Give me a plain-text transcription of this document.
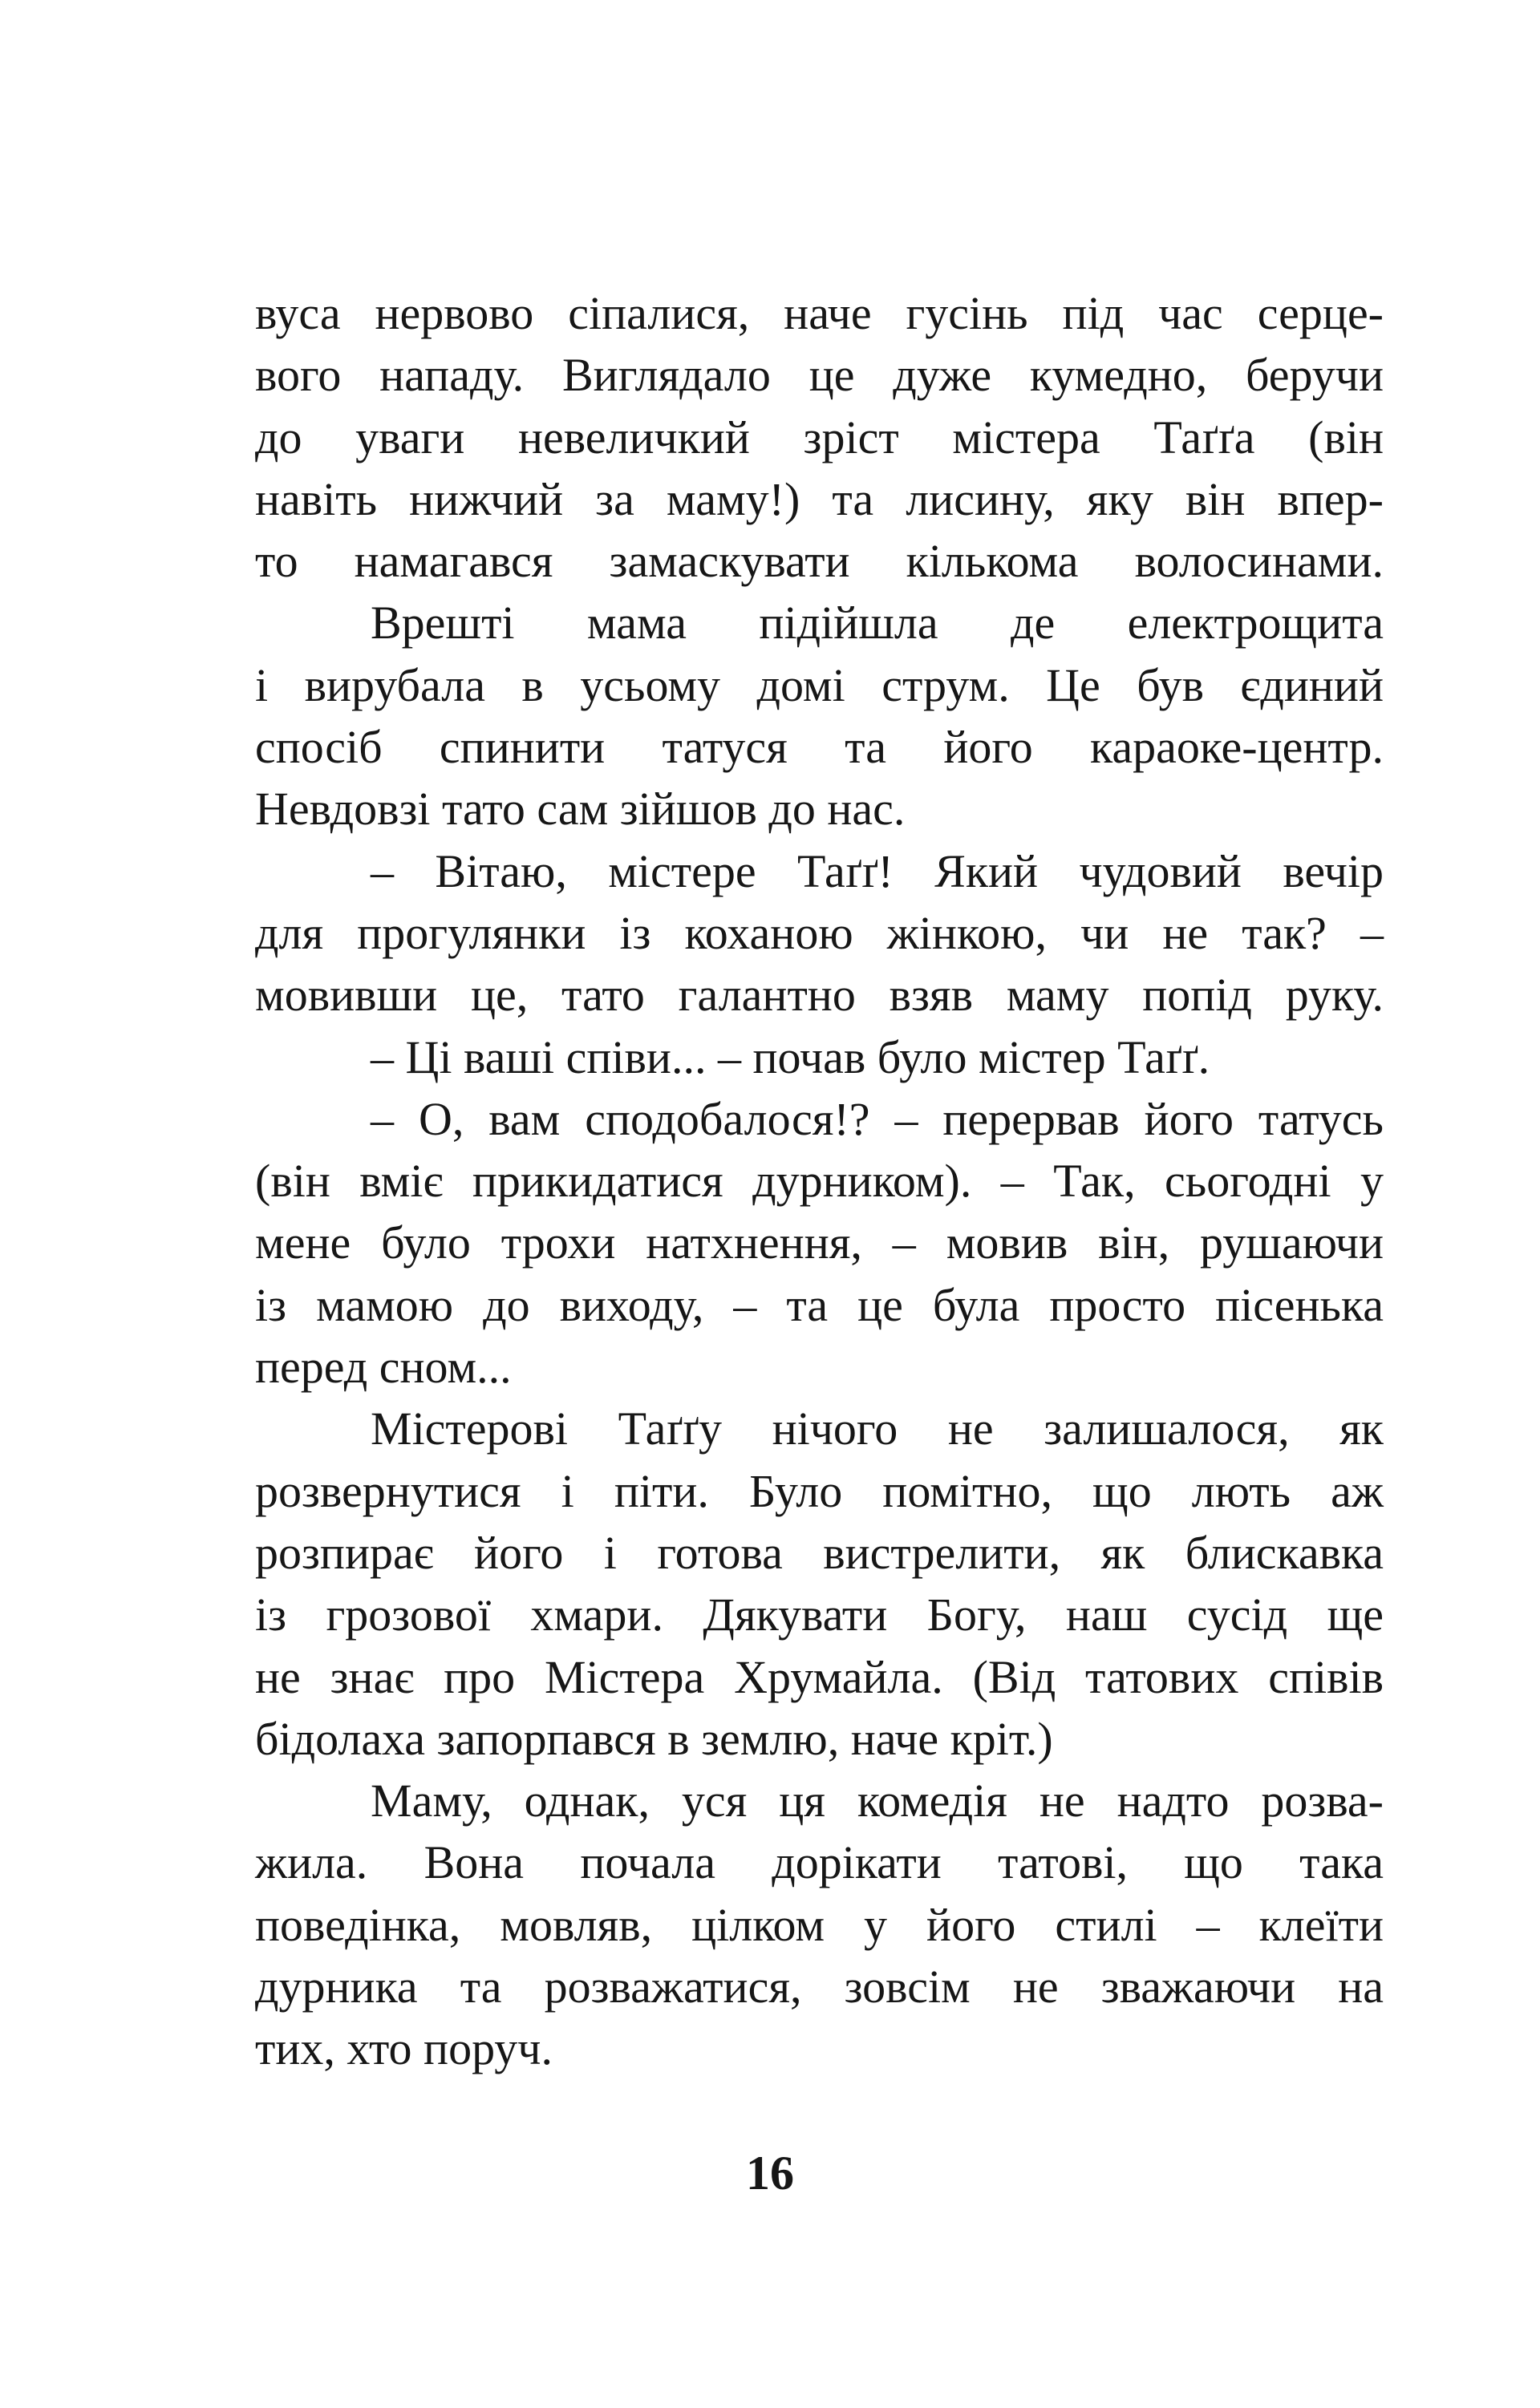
вуса нервово сіпалися, наче гусінь під час серце-
вого нападу. Виглядало це дуже кумедно, беручи
до уваги невеличкий зріст містера Таґґа (він
навіть нижчий за маму!) та лисину, яку він впер-
то намагався замаскувати кількома волосинами.
Врешті мама підійшла де електрощита
і вирубала в усьому домі струм. Це був єдиний
спосіб спинити татуся та його караоке-центр.
Невдовзі тато сам зійшов до нас.
– Вітаю, містере Таґґ! Який чудовий вечір
для прогулянки із коханою жінкою, чи не так? –
мовивши це, тато галантно взяв маму попід руку.
– Ці ваші співи... – почав було містер Таґґ.
– О, вам сподобалося!? – перервав його татусь
(він вміє прикидатися дурником). – Так, сьогодні у
мене було трохи натхнення, – мовив він, рушаючи
із мамою до виходу, – та це була просто пісенька
перед сном...
Містерові Таґґу нічого не залишалося, як
розвернутися і піти. Було помітно, що лють аж
розпирає його і готова вистрелити, як блискавка
із грозової хмари. Дякувати Богу, наш сусід ще
не знає про Містера Хрумайла. (Від татових співів
бідолаха запорпався в землю, наче кріт.)
Маму, однак, уся ця комедія не надто розва-
жила. Вона почала дорікати татові, що така
поведінка, мовляв, цілком у його стилі – клеїти
дурника та розважатися, зовсім не зважаючи на
тих, хто поруч.
16
